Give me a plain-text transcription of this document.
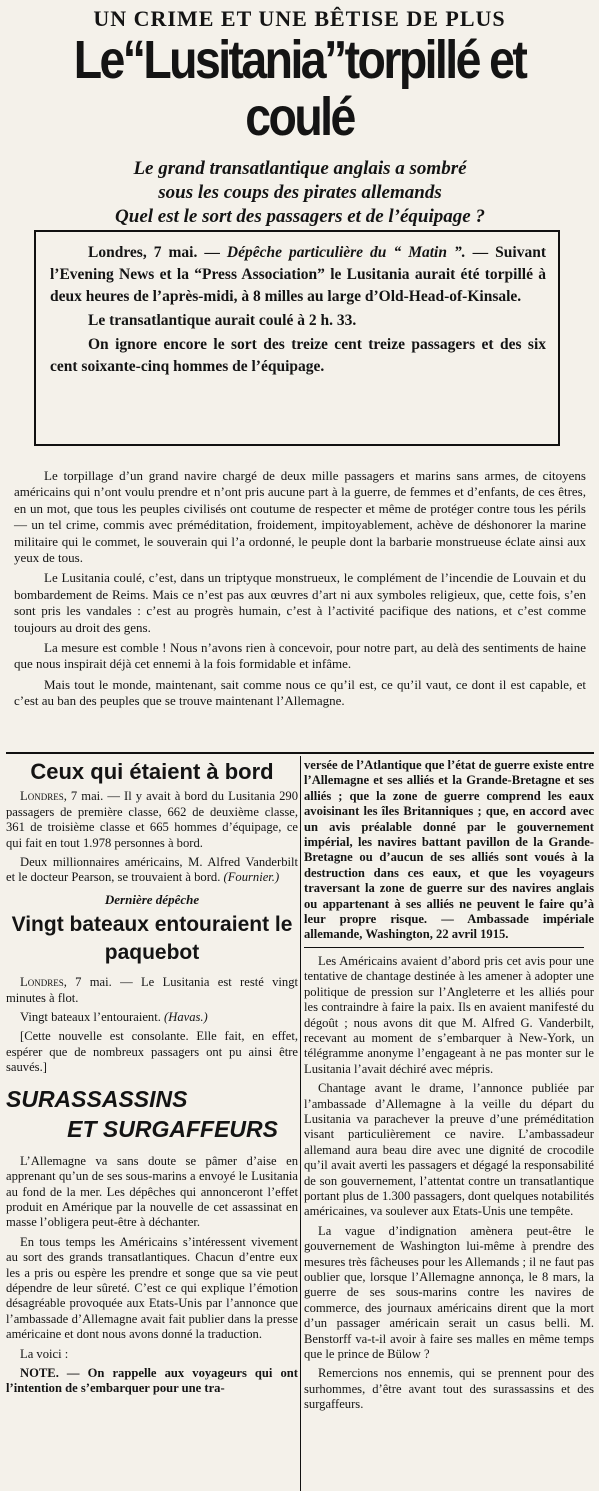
UN CRIME ET UNE BÊTISE DE PLUS
Le“Lusitania”torpillé et coulé
Le grand transatlantique anglais a sombré
sous les coups des pirates allemands
Quel est le sort des passagers et de l’équipage ?

Londres, 7 mai. — Dépêche particulière du “ Matin ”. — Suivant l’Evening News et la “Press Association” le Lusitania aurait été torpillé à deux heures de l’après-midi, à 8 milles au large d’Old-Head-of-Kinsale.

Le transatlantique aurait coulé à 2 h. 33.

On ignore encore le sort des treize cent treize passagers et des six cent soixante-cinq hommes de l’équipage.

Le torpillage d’un grand navire chargé de deux mille passagers et marins sans armes, de citoyens américains qui n’ont voulu prendre et n’ont pris aucune part à la guerre, de femmes et d’enfants, de ces êtres, en un mot, que tous les peuples civilisés ont coutume de respecter et même de protéger contre tous les périls — un tel crime, commis avec préméditation, froidement, impitoyablement, achève de déshonorer la marine militaire qui le commet, le souverain qui l’a ordonné, le peuple dont la barbarie monstrueuse éclate ainsi aux yeux de tous.

Le Lusitania coulé, c’est, dans un triptyque monstrueux, le complément de l’incendie de Louvain et du bombardement de Reims. Mais ce n’est pas aux œuvres d’art ni aux symboles religieux, que, cette fois, s’en sont pris les vandales : c’est au progrès humain, c’est à l’activité pacifique des nations, et c’est comme toujours au droit des gens.

La mesure est comble ! Nous n’avons rien à concevoir, pour notre part, au delà des sentiments de haine que nous inspirait déjà cet ennemi à la fois formidable et infâme.

Mais tout le monde, maintenant, sait comme nous ce qu’il est, ce qu’il vaut, ce dont il est capable, et c’est au ban des peuples que se trouve maintenant l’Allemagne.

Ceux qui étaient à bord

Londres, 7 mai. — Il y avait à bord du Lusitania 290 passagers de première classe, 662 de deuxième classe, 361 de troisième classe et 665 hommes d’équipage, ce qui fait en tout 1.978 personnes à bord.

Deux millionnaires américains, M. Alfred Vanderbilt et le docteur Pearson, se trouvaient à bord. (Fournier.)

Dernière dépêche
Vingt bateaux entouraient le paquebot

Londres, 7 mai. — Le Lusitania est resté vingt minutes à flot.

Vingt bateaux l’entouraient. (Havas.)

[Cette nouvelle est consolante. Elle fait, en effet, espérer que de nombreux passagers ont pu ainsi être sauvés.]

SURASSASSINS
ET SURGAFFEURS

L’Allemagne va sans doute se pâmer d’aise en apprenant qu’un de ses sous-marins a envoyé le Lusitania au fond de la mer. Les dépêches qui annonceront l’effet produit en Amérique par la nouvelle de cet assassinat en masse l’obligera peut-être à déchanter.

En tous temps les Américains s’intéressent vivement au sort des grands transatlantiques. Chacun d’entre eux les a pris ou espère les prendre et songe que sa vie peut dépendre de leur sûreté. C’est ce qui explique l’émotion désagréable provoquée aux Etats-Unis par l’annonce que l’ambassade d’Allemagne avait fait publier dans la presse américaine et dont nous avons donné la traduction.

La voici :

NOTE. — On rappelle aux voyageurs qui ont l’intention de s’embarquer pour une tra-

versée de l’Atlantique que l’état de guerre existe entre l’Allemagne et ses alliés et la Grande-Bretagne et ses alliés ; que la zone de guerre comprend les eaux avoisinant les îles Britanniques ; que, en accord avec un avis préalable donné par le gouvernement impérial, les navires battant pavillon de la Grande-Bretagne ou d’aucun de ses alliés sont voués à la destruction dans ces eaux, et que les voyageurs traversant la zone de guerre sur des navires anglais ou appartenant à ses alliés ne peuvent le faire qu’à leur propre risque. — Ambassade impériale allemande, Washington, 22 avril 1915.

Les Américains avaient d’abord pris cet avis pour une tentative de chantage destinée à les amener à adopter une politique de pression sur l’Angleterre et les alliés pour les contraindre à faire la paix. Ils en avaient manifesté du dégoût ; nous avons dit que M. Alfred G. Vanderbilt, recevant au moment de s’embarquer à New-York, un télégramme anonyme l’engageant à ne pas monter sur le Lusitania l’avait déchiré avec mépris.

Chantage avant le drame, l’annonce publiée par l’ambassade d’Allemagne à la veille du départ du Lusitania va parachever la preuve d’une préméditation visant particulièrement ce navire. L’ambassadeur allemand aura beau dire avec une dignité de crocodile qu’il avait averti les passagers et dégagé la responsabilité de son gouvernement, l’attentat contre un transatlantique portant plus de 1.300 passagers, dont quelques notabilités américaines, va soulever aux Etats-Unis une tempête.

La vague d’indignation amènera peut-être le gouvernement de Washington lui-même à prendre des mesures très fâcheuses pour les Allemands ; il ne faut pas oublier que, lorsque l’Allemagne annonça, le 8 mars, la guerre de ses sous-marins contre les navires de commerce, des journaux américains dirent que la mort d’un passager américain serait un casus belli. M. Benstorff va-t-il avoir à faire ses malles en même temps que le prince de Bülow ?

Remercions nos ennemis, qui se prennent pour des surhommes, d’être avant tout des surassassins et des surgaffeurs.
